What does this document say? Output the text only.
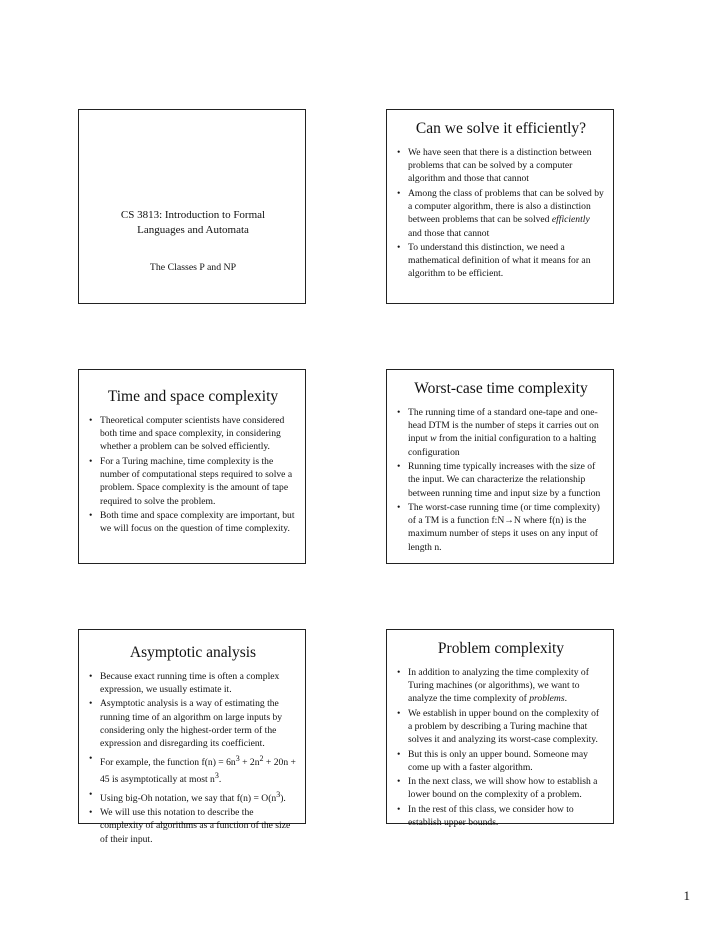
CS 3813: Introduction to Formal
Languages and Automata
The Classes P and NP
Can we solve it efficiently?
• We have seen that there is a distinction between problems that can be solved by a computer algorithm and those that cannot
• Among the class of problems that can be solved by a computer algorithm, there is also a distinction between problems that can be solved efficiently and those that cannot
• To understand this distinction, we need a mathematical definition of what it means for an algorithm to be efficient.
Time and space complexity
• Theoretical computer scientists have considered both time and space complexity, in considering whether a problem can be solved efficiently.
• For a Turing machine, time complexity is the number of computational steps required to solve a problem. Space complexity is the amount of tape required to solve the problem.
• Both time and space complexity are important, but we will focus on the question of time complexity.
Worst-case time complexity
• The running time of a standard one-tape and one-head DTM is the number of steps it carries out on input w from the initial configuration to a halting configuration
• Running time typically increases with the size of the input. We can characterize the relationship between running time and input size by a function
• The worst-case running time (or time complexity) of a TM is a function f:N→N where f(n) is the maximum number of steps it uses on any input of length n.
Asymptotic analysis
• Because exact running time is often a complex expression, we usually estimate it.
• Asymptotic analysis is a way of estimating the running time of an algorithm on large inputs by considering only the highest-order term of the expression and disregarding its coefficient.
• For example, the function $f(n) = 6n^3 + 2n^2 + 20n + 45$ is asymptotically at most $n^3$.
• Using big-Oh notation, we say that $f(n) = O(n^3)$.
• We will use this notation to describe the complexity of algorithms as a function of the size of their input.
Problem complexity
• In addition to analyzing the time complexity of Turing machines (or algorithms), we want to analyze the time complexity of problems.
• We establish in upper bound on the complexity of a problem by describing a Turing machine that solves it and analyzing its worst-case complexity.
• But this is only an upper bound. Someone may come up with a faster algorithm.
• In the next class, we will show how to establish a lower bound on the complexity of a problem.
• In the rest of this class, we consider how to establish upper bounds.
1
